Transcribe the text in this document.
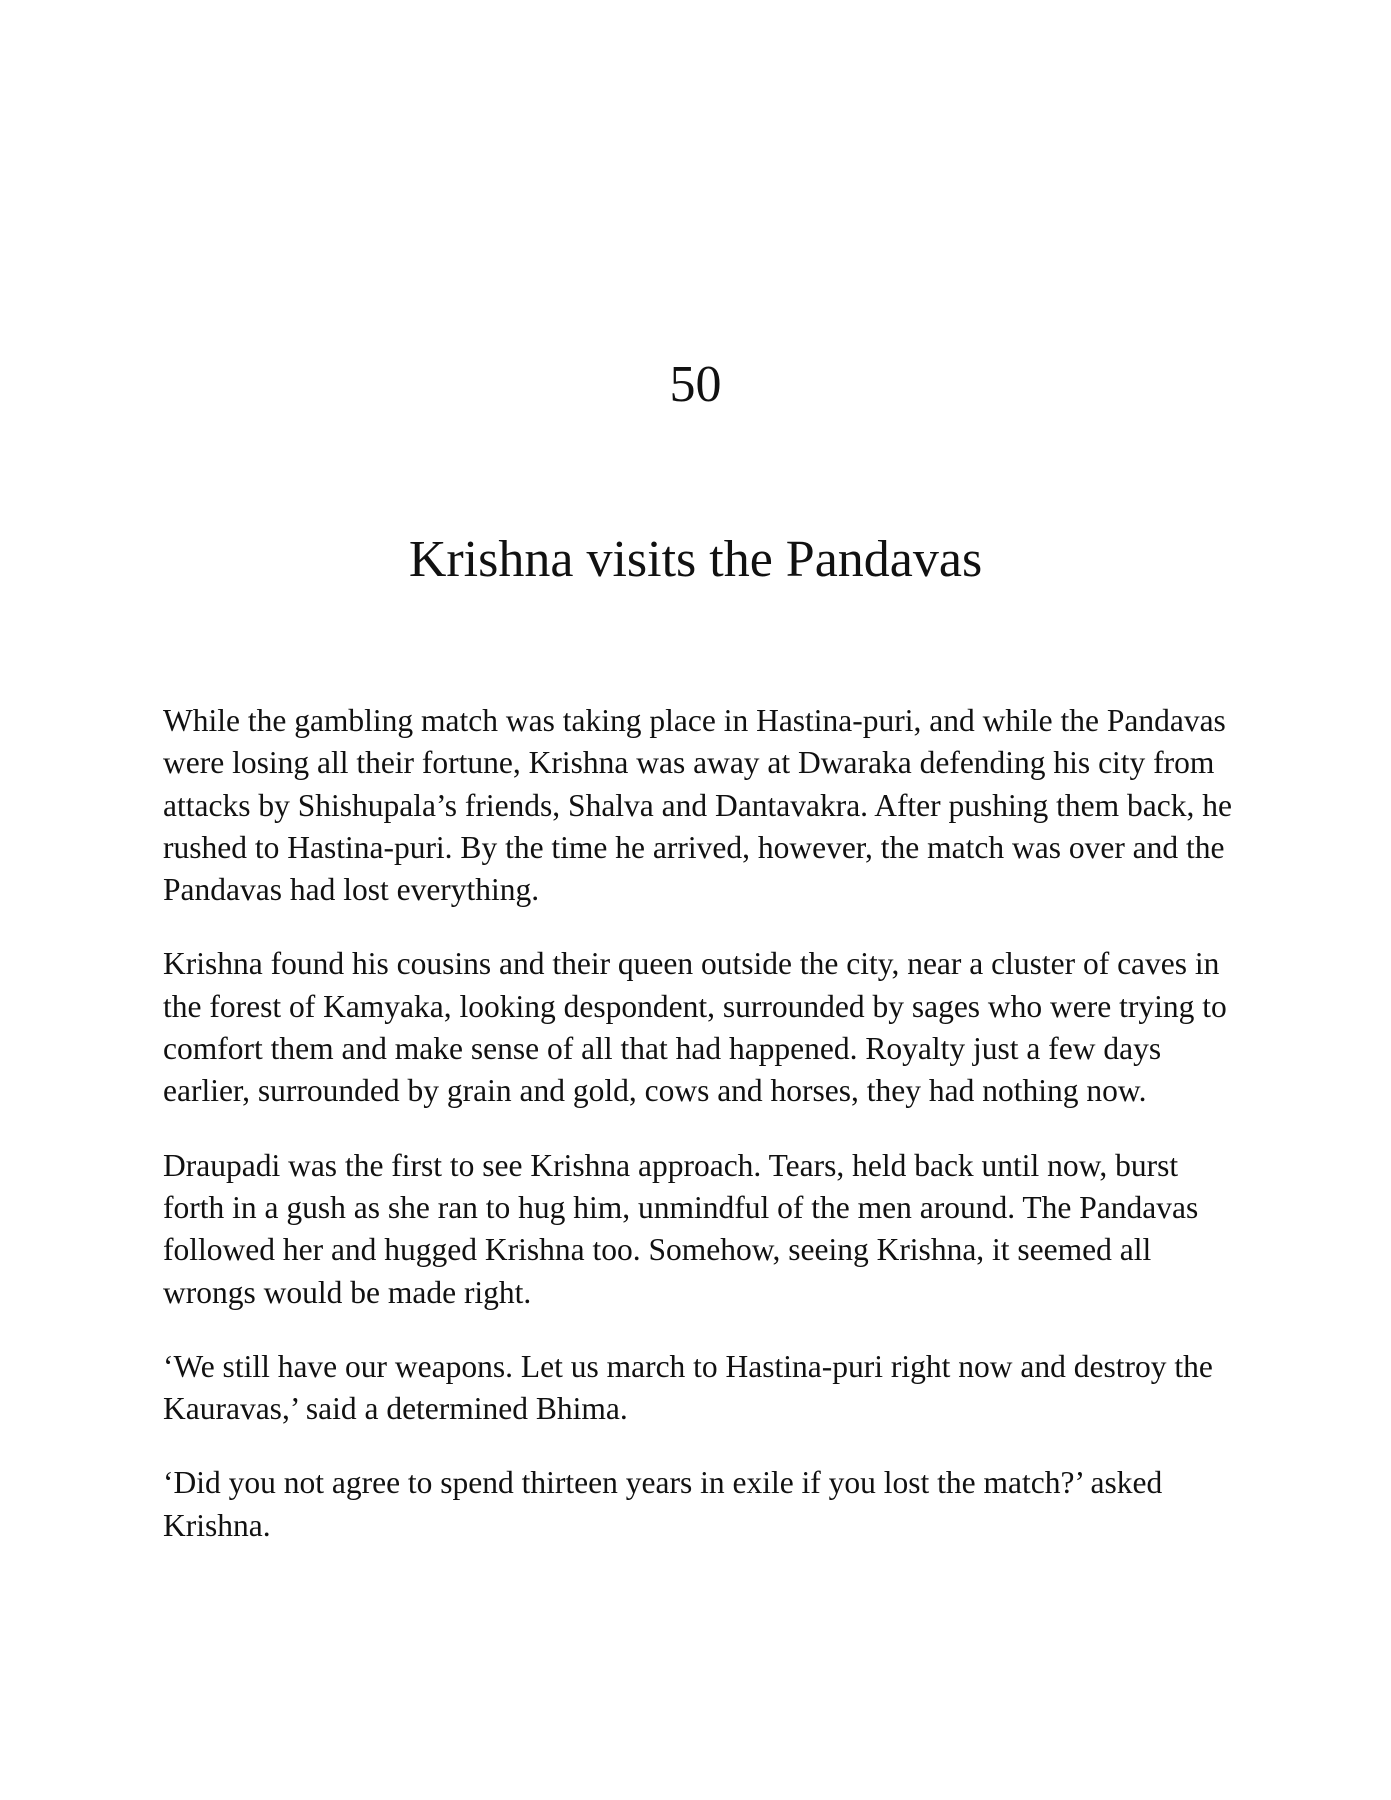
50
Krishna visits the Pandavas

While the gambling match was taking place in Hastina-puri, and while the Pandavas were losing all their fortune, Krishna was away at Dwaraka defending his city from attacks by Shishupala’s friends, Shalva and Dantavakra. After pushing them back, he rushed to Hastina-puri. By the time he arrived, however, the match was over and the Pandavas had lost everything.

Krishna found his cousins and their queen outside the city, near a cluster of caves in the forest of Kamyaka, looking despondent, surrounded by sages who were trying to comfort them and make sense of all that had happened. Royalty just a few days earlier, surrounded by grain and gold, cows and horses, they had nothing now.

Draupadi was the first to see Krishna approach. Tears, held back until now, burst forth in a gush as she ran to hug him, unmindful of the men around. The Pandavas followed her and hugged Krishna too. Somehow, seeing Krishna, it seemed all wrongs would be made right.

‘We still have our weapons. Let us march to Hastina-puri right now and destroy the Kauravas,’ said a determined Bhima.

‘Did you not agree to spend thirteen years in exile if you lost the match?’ asked Krishna.
